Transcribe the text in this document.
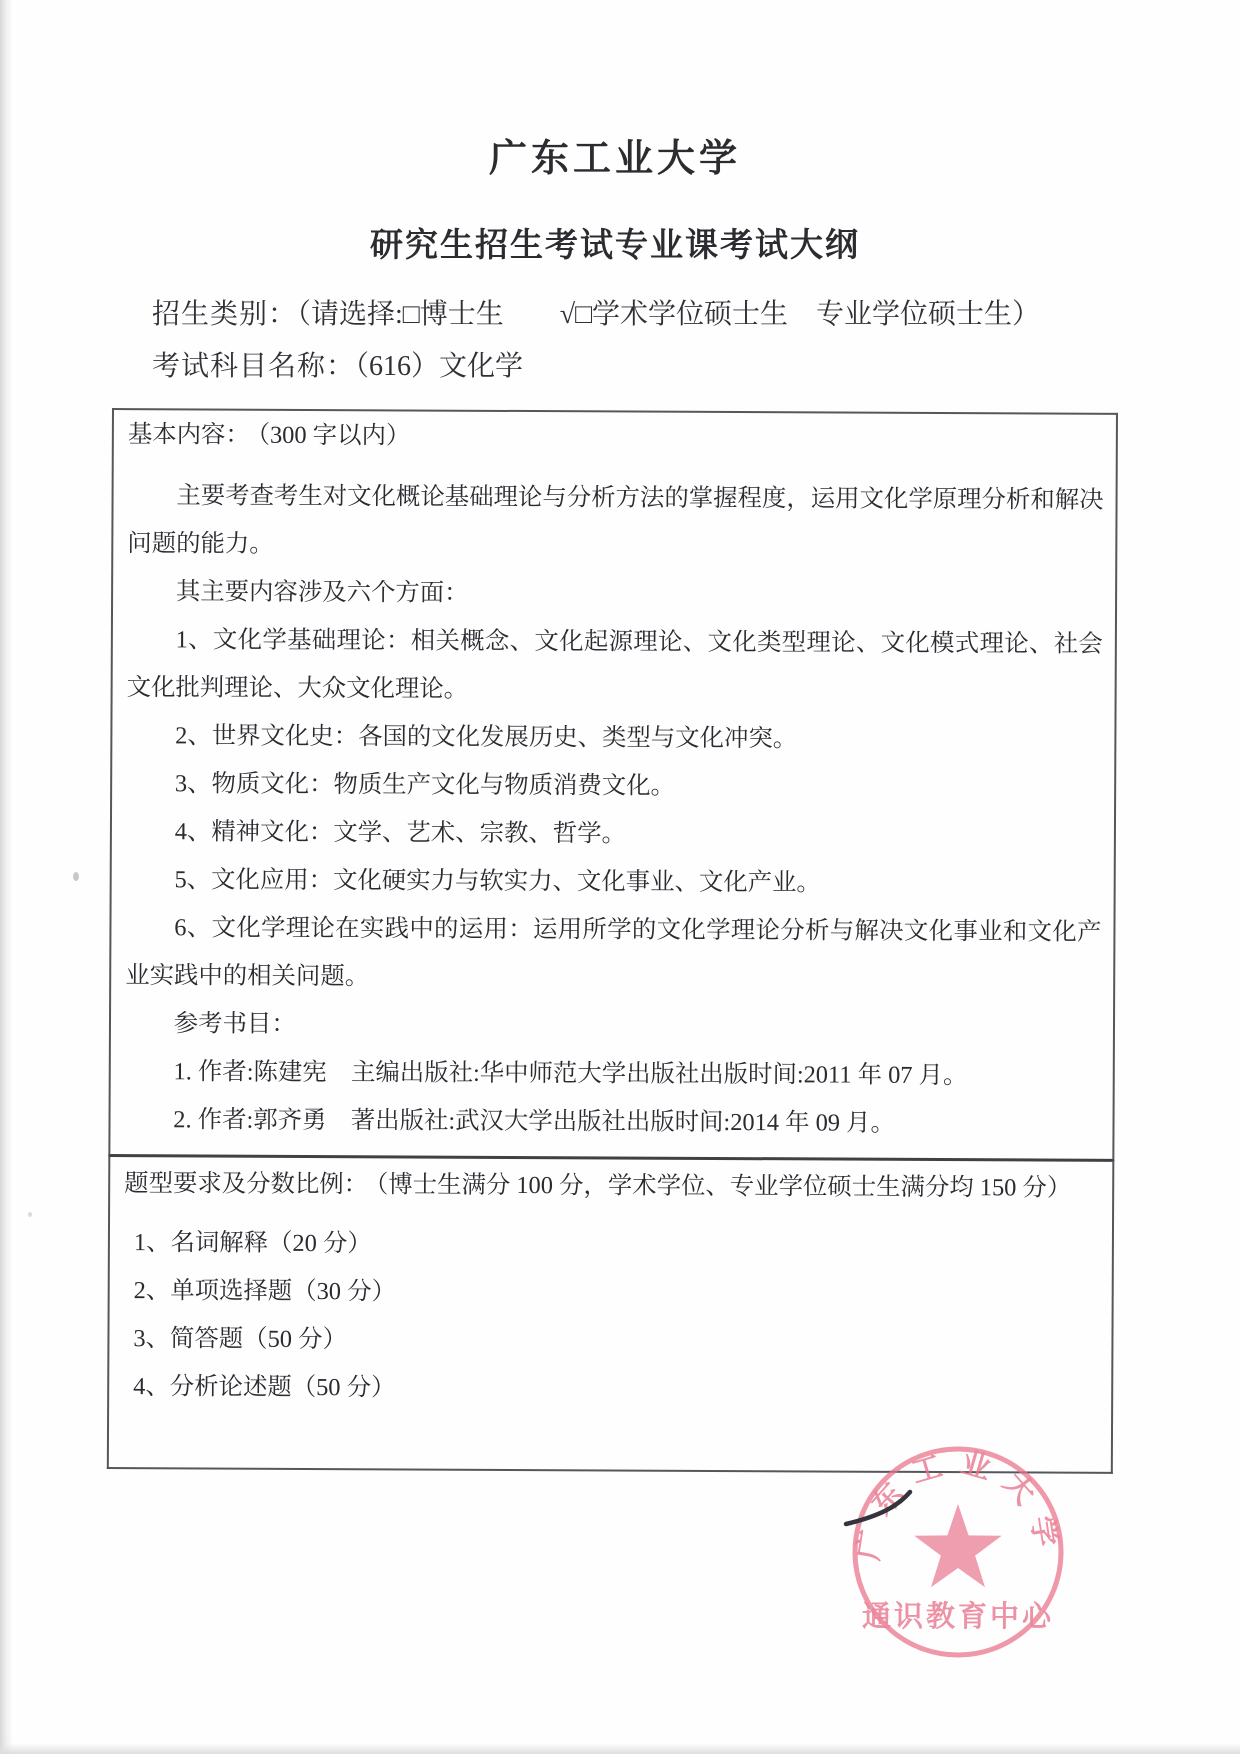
广东工业大学
研究生招生考试专业课考试大纲
招生类别：（请选择:□博士生　　√□学术学位硕士生　专业学位硕士生）
考试科目名称：（616）文化学
基本内容： （300 字以内）

主要考查考生对文化概论基础理论与分析方法的掌握程度，运用文化学原理分析和解决问题的能力。

其主要内容涉及六个方面：

1、文化学基础理论：相关概念、文化起源理论、文化类型理论、文化模式理论、社会文化批判理论、大众文化理论。

2、世界文化史：各国的文化发展历史、类型与文化冲突。

3、物质文化：物质生产文化与物质消费文化。

4、精神文化：文学、艺术、宗教、哲学。

5、文化应用：文化硬实力与软实力、文化事业、文化产业。

6、文化学理论在实践中的运用：运用所学的文化学理论分析与解决文化事业和文化产业实践中的相关问题。

参考书目：

1. 作者:陈建宪　主编出版社:华中师范大学出版社出版时间:2011 年 07 月。

2. 作者:郭齐勇　著出版社:武汉大学出版社出版时间:2014 年 09 月。

题型要求及分数比例： （博士生满分 100 分，学术学位、专业学位硕士生满分均 150 分）

1、名词解释（20 分）

2、单项选择题（30 分）

3、简答题（50 分）

4、分析论述题（50 分）

广东工业大学
通识教育中心
